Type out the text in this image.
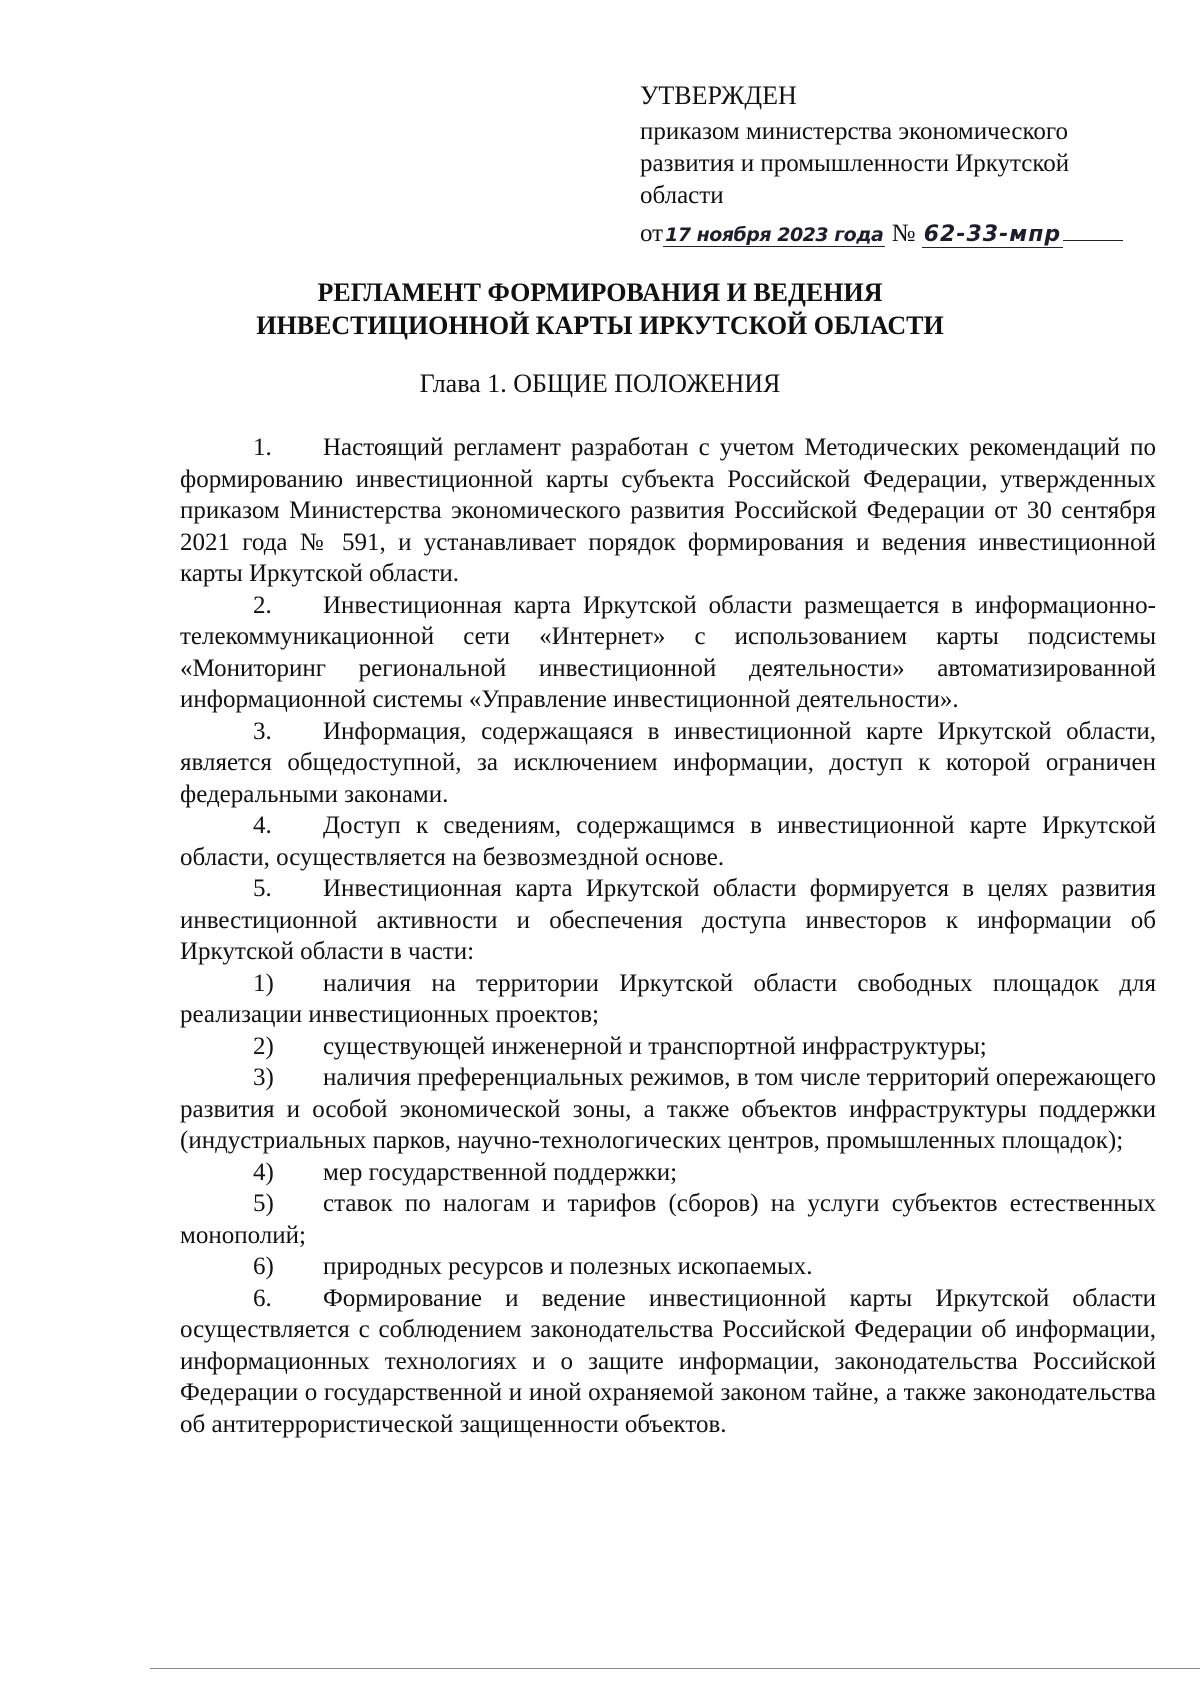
УТВЕРЖДЕН
приказом министерства экономического
развития и промышленности Иркутской
области
от 17 ноября 2023 года № 62-33-мпр
РЕГЛАМЕНТ ФОРМИРОВАНИЯ И ВЕДЕНИЯ
ИНВЕСТИЦИОННОЙ КАРТЫ ИРКУТСКОЙ ОБЛАСТИ
Глава 1. ОБЩИЕ ПОЛОЖЕНИЯ

1. Настоящий регламент разработан с учетом Методических рекомендаций по формированию инвестиционной карты субъекта Российской Федерации, утвержденных приказом Министерства экономического развития Российской Федерации от 30 сентября 2021 года № 591, и устанавливает порядок формирования и ведения инвестиционной карты Иркутской области.

2. Инвестиционная карта Иркутской области размещается в информационно-телекоммуникационной сети «Интернет» с использованием карты подсистемы «Мониторинг региональной инвестиционной деятельности» автоматизированной информационной системы «Управление инвестиционной деятельности».

3. Информация, содержащаяся в инвестиционной карте Иркутской области, является общедоступной, за исключением информации, доступ к которой ограничен федеральными законами.

4. Доступ к сведениям, содержащимся в инвестиционной карте Иркутской области, осуществляется на безвозмездной основе.

5. Инвестиционная карта Иркутской области формируется в целях развития инвестиционной активности и обеспечения доступа инвесторов к информации об Иркутской области в части:

1) наличия на территории Иркутской области свободных площадок для реализации инвестиционных проектов;

2) существующей инженерной и транспортной инфраструктуры;

3) наличия преференциальных режимов, в том числе территорий опережающего развития и особой экономической зоны, а также объектов инфраструктуры поддержки (индустриальных парков, научно-технологических центров, промышленных площадок);

4) мер государственной поддержки;

5) ставок по налогам и тарифов (сборов) на услуги субъектов естественных монополий;

6) природных ресурсов и полезных ископаемых.

6. Формирование и ведение инвестиционной карты Иркутской области осуществляется с соблюдением законодательства Российской Федерации об информации, информационных технологиях и о защите информации, законодательства Российской Федерации о государственной и иной охраняемой законом тайне, а также законодательства об антитеррористической защищенности объектов.
